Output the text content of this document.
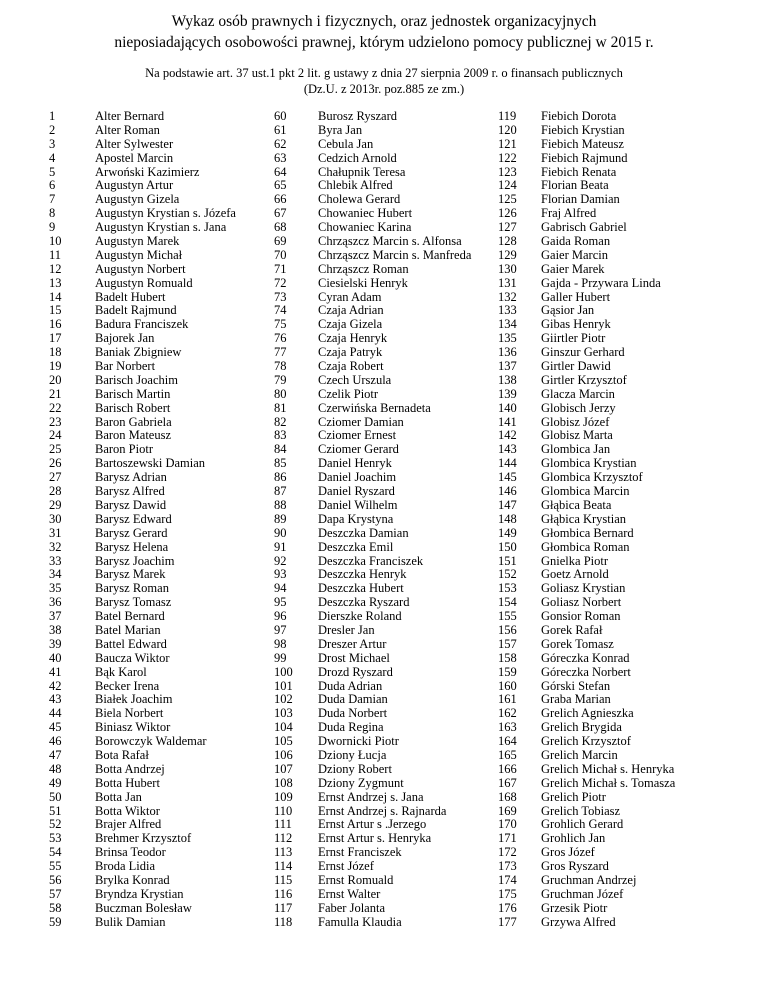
Wykaz osób prawnych i fizycznych, oraz jednostek organizacyjnych
nieposiadających osobowości prawnej, którym udzielono pomocy publicznej w 2015 r.
Na podstawie art. 37 ust.1 pkt 2 lit. g ustawy z dnia 27 sierpnia 2009 r. o finansach publicznych
(Dz.U. z 2013r. poz.885 ze zm.)
1	Alter Bernard
2	Alter Roman
3	Alter Sylwester
4	Apostel Marcin
5	Arwoński Kazimierz
6	Augustyn Artur
7	Augustyn Gizela
8	Augustyn Krystian s. Józefa
9	Augustyn Krystian s. Jana
10	Augustyn Marek
11	Augustyn Michał
12	Augustyn Norbert
13	Augustyn Romuald
14	Badelt Hubert
15	Badelt Rajmund
16	Badura Franciszek
17	Bajorek Jan
18	Baniak Zbigniew
19	Bar Norbert
20	Barisch Joachim
21	Barisch Martin
22	Barisch Robert
23	Baron Gabriela
24	Baron Mateusz
25	Baron Piotr
26	Bartoszewski Damian
27	Barysz Adrian
28	Barysz Alfred
29	Barysz Dawid
30	Barysz Edward
31	Barysz Gerard
32	Barysz Helena
33	Barysz Joachim
34	Barysz Marek
35	Barysz Roman
36	Barysz Tomasz
37	Batel Bernard
38	Batel Marian
39	Battel Edward
40	Baucza Wiktor
41	Bąk Karol
42	Becker Irena
43	Białek Joachim
44	Biela Norbert
45	Biniasz Wiktor
46	Borowczyk Waldemar
47	Bota Rafał
48	Botta Andrzej
49	Botta Hubert
50	Botta Jan
51	Botta Wiktor
52	Brajer Alfred
53	Brehmer Krzysztof
54	Brinsa Teodor
55	Broda Lidia
56	Brylka Konrad
57	Bryndza Krystian
58	Buczman Bolesław
59	Bulik Damian
60	Burosz Ryszard
61	Byra Jan
62	Cebula Jan
63	Cedzich Arnold
64	Chałupnik Teresa
65	Chlebik Alfred
66	Cholewa Gerard
67	Chowaniec Hubert
68	Chowaniec Karina
69	Chrząszcz Marcin s. Alfonsa
70	Chrząszcz Marcin s. Manfreda
71	Chrząszcz Roman
72	Ciesielski Henryk
73	Cyran Adam
74	Czaja Adrian
75	Czaja Gizela
76	Czaja Henryk
77	Czaja Patryk
78	Czaja Robert
79	Czech Urszula
80	Czelik Piotr
81	Czerwińska Bernadeta
82	Cziomer Damian
83	Cziomer Ernest
84	Cziomer Gerard
85	Daniel Henryk
86	Daniel Joachim
87	Daniel Ryszard
88	Daniel Wilhelm
89	Dapa Krystyna
90	Deszczka Damian
91	Deszczka Emil
92	Deszczka Franciszek
93	Deszczka Henryk
94	Deszczka Hubert
95	Deszczka Ryszard
96	Dierszke Roland
97	Dresler Jan
98	Dreszer Artur
99	Drost Michael
100 Drozd Ryszard
101 Duda Adrian
102 Duda Damian
103 Duda Norbert
104 Duda Regina
105 Dwornicki Piotr
106 Dziony Łucja
107 Dziony Robert
108 Dziony Zygmunt
109 Ernst Andrzej s. Jana
110 Ernst Andrzej s. Rajnarda
111 Ernst Artur s .Jerzego
112 Ernst Artur s. Henryka
113 Ernst Franciszek
114 Ernst Józef
115 Ernst Romuald
116 Ernst Walter
117 Faber Jolanta
118 Famulla Klaudia
119 Fiebich Dorota
120 Fiebich Krystian
121 Fiebich Mateusz
122 Fiebich Rajmund
123 Fiebich Renata
124 Florian Beata
125 Florian Damian
126 Fraj Alfred
127 Gabrisch Gabriel
128 Gaida Roman
129 Gaier Marcin
130 Gaier Marek
131 Gajda - Przywara Linda
132 Galler Hubert
133 Gąsior Jan
134 Gibas Henryk
135 Giirtler Piotr
136 Ginszur Gerhard
137 Girtler Dawid
138 Girtler Krzysztof
139 Glacza Marcin
140 Globisch Jerzy
141 Globisz Józef
142 Globisz Marta
143 Glombica Jan
144 Glombica Krystian
145 Glombica Krzysztof
146 Glombica Marcin
147 Głąbica Beata
148 Głąbica Krystian
149 Głombica Bernard
150 Głombica Roman
151 Gnielka Piotr
152 Goetz Arnold
153 Goliasz Krystian
154 Goliasz Norbert
155 Gonsior Roman
156 Gorek Rafał
157 Gorek Tomasz
158 Góreczka Konrad
159 Góreczka Norbert
160 Górski Stefan
161 Graba Marian
162 Grelich Agnieszka
163 Grelich Brygida
164 Grelich Krzysztof
165 Grelich Marcin
166 Grelich Michał s. Henryka
167 Grelich Michał s. Tomasza
168 Grelich Piotr
169 Grelich Tobiasz
170 Grohlich Gerard
171 Grohlich Jan
172 Gros Józef
173 Gros Ryszard
174 Gruchman Andrzej
175 Gruchman Józef
176 Grzesik Piotr
177 Grzywa Alfred
